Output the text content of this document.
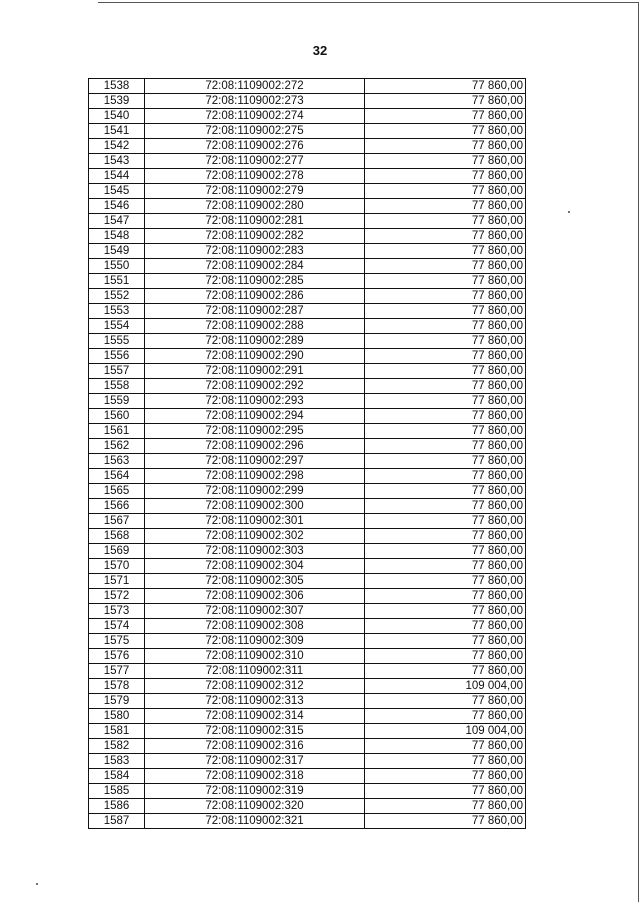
32
1538	72:08:1109002:272	77 860,00
1539	72:08:1109002:273	77 860,00
1540	72:08:1109002:274	77 860,00
1541	72:08:1109002:275	77 860,00
1542	72:08:1109002:276	77 860,00
1543	72:08:1109002:277	77 860,00
1544	72:08:1109002:278	77 860,00
1545	72:08:1109002:279	77 860,00
1546	72:08:1109002:280	77 860,00
1547	72:08:1109002:281	77 860,00
1548	72:08:1109002:282	77 860,00
1549	72:08:1109002:283	77 860,00
1550	72:08:1109002:284	77 860,00
1551	72:08:1109002:285	77 860,00
1552	72:08:1109002:286	77 860,00
1553	72:08:1109002:287	77 860,00
1554	72:08:1109002:288	77 860,00
1555	72:08:1109002:289	77 860,00
1556	72:08:1109002:290	77 860,00
1557	72:08:1109002:291	77 860,00
1558	72:08:1109002:292	77 860,00
1559	72:08:1109002:293	77 860,00
1560	72:08:1109002:294	77 860,00
1561	72:08:1109002:295	77 860,00
1562	72:08:1109002:296	77 860,00
1563	72:08:1109002:297	77 860,00
1564	72:08:1109002:298	77 860,00
1565	72:08:1109002:299	77 860,00
1566	72:08:1109002:300	77 860,00
1567	72:08:1109002:301	77 860,00
1568	72:08:1109002:302	77 860,00
1569	72:08:1109002:303	77 860,00
1570	72:08:1109002:304	77 860,00
1571	72:08:1109002:305	77 860,00
1572	72:08:1109002:306	77 860,00
1573	72:08:1109002:307	77 860,00
1574	72:08:1109002:308	77 860,00
1575	72:08:1109002:309	77 860,00
1576	72:08:1109002:310	77 860,00
1577	72:08:1109002:311	77 860,00
1578	72:08:1109002:312	109 004,00
1579	72:08:1109002:313	77 860,00
1580	72:08:1109002:314	77 860,00
1581	72:08:1109002:315	109 004,00
1582	72:08:1109002:316	77 860,00
1583	72:08:1109002:317	77 860,00
1584	72:08:1109002:318	77 860,00
1585	72:08:1109002:319	77 860,00
1586	72:08:1109002:320	77 860,00
1587	72:08:1109002:321	77 860,00
